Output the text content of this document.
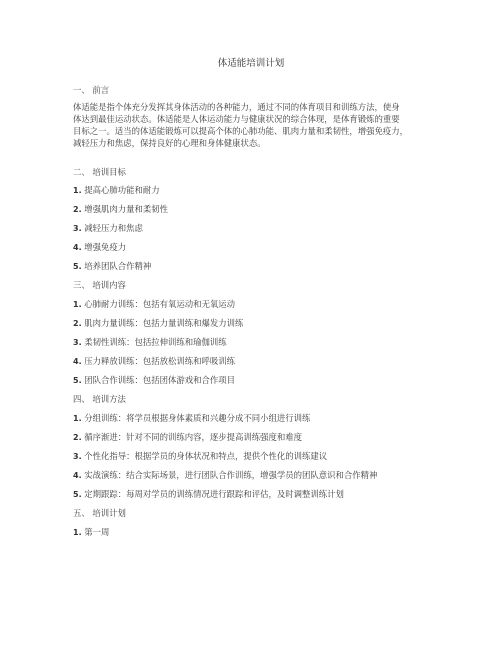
体适能培训计划
一、 前言
体适能是指个体充分发挥其身体活动的各种能力，通过不同的体育项目和训练方法，使身
体达到最佳运动状态。体适能是人体运动能力与健康状况的综合体现，是体育锻炼的重要
目标之一。适当的体适能锻炼可以提高个体的心肺功能、肌肉力量和柔韧性，增强免疫力，
减轻压力和焦虑，保持良好的心理和身体健康状态。
二、 培训目标
1. 提高心肺功能和耐力
2. 增强肌肉力量和柔韧性
3. 减轻压力和焦虑
4. 增强免疫力
5. 培养团队合作精神
三、 培训内容
1. 心肺耐力训练：包括有氧运动和无氧运动
2. 肌肉力量训练：包括力量训练和爆发力训练
3. 柔韧性训练：包括拉伸训练和瑜伽训练
4. 压力释放训练：包括放松训练和呼吸训练
5. 团队合作训练：包括团体游戏和合作项目
四、 培训方法
1. 分组训练：将学员根据身体素质和兴趣分成不同小组进行训练
2. 循序渐进：针对不同的训练内容，逐步提高训练强度和难度
3. 个性化指导：根据学员的身体状况和特点，提供个性化的训练建议
4. 实战演练：结合实际场景，进行团队合作训练，增强学员的团队意识和合作精神
5. 定期跟踪：每周对学员的训练情况进行跟踪和评估，及时调整训练计划
五、 培训计划
1. 第一周
